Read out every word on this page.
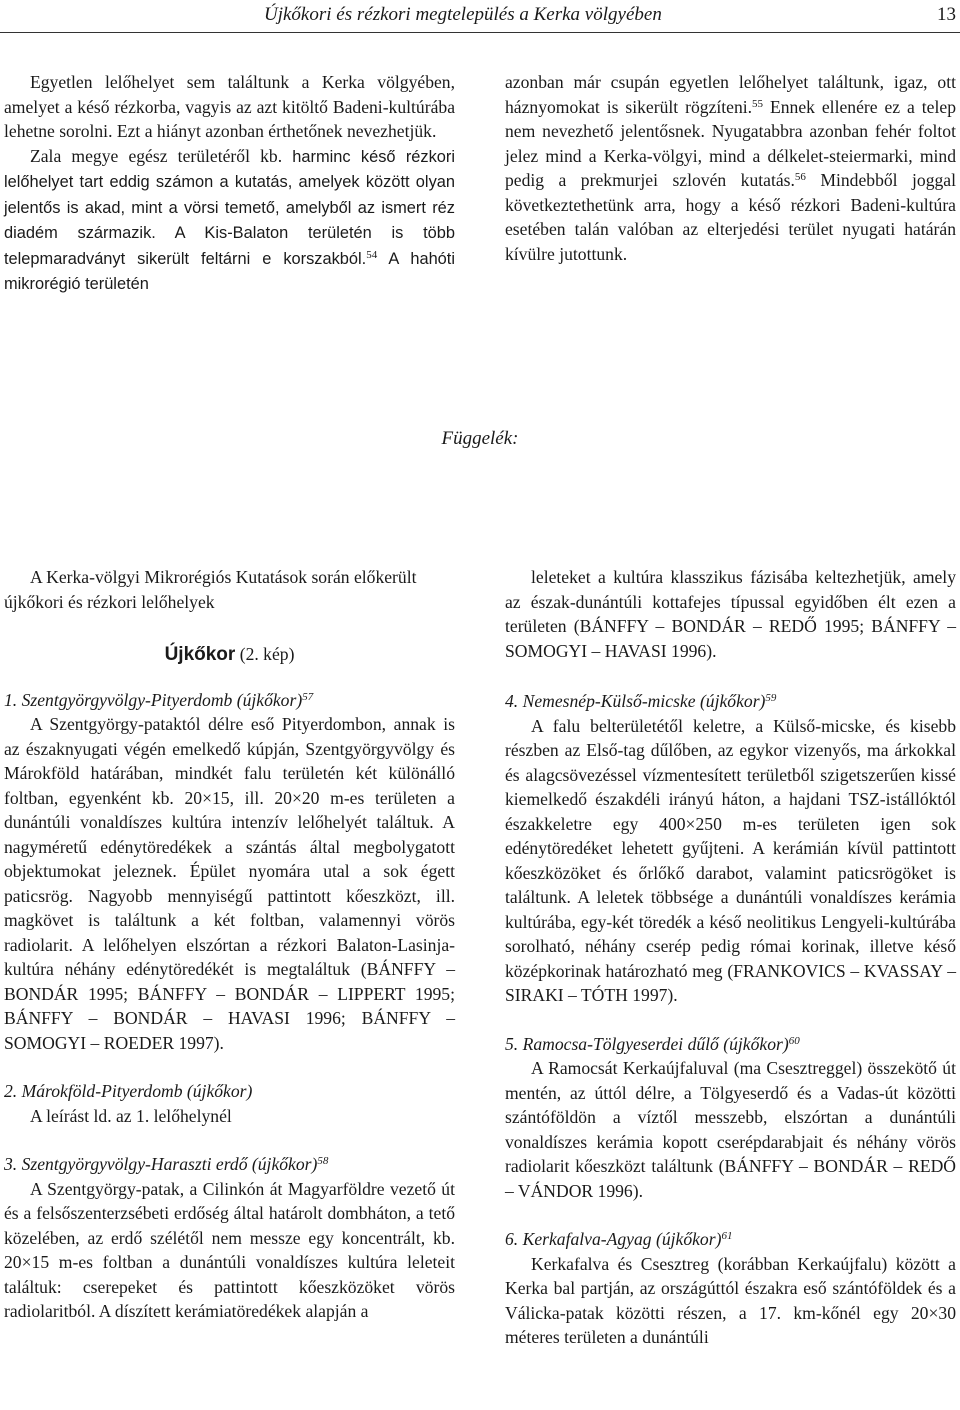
Újkőkori és rézkori megtelepülés a Kerka völgyében	13

Egyetlen lelőhelyet sem találtunk a Kerka völgyében, amelyet a késő rézkorba, vagyis az azt kitöltő Badeni-kultúrába lehetne sorolni. Ezt a hiányt azonban érthetőnek nevezhetjük.

Zala megye egész területéről kb. harminc késő rézkori lelőhelyet tart eddig számon a kutatás, amelyek között olyan jelentős is akad, mint a vörsi temető, amelyből az ismert réz diadém származik. A Kis-Balaton területén is több telepmaradványt sikerült feltárni e korszakból.$^{54}$ A hahóti mikrorégió területén

azonban már csupán egyetlen lelőhelyet találtunk, igaz, ott háznyomokat is sikerült rögzíteni.$^{55}$ Ennek ellenére ez a telep nem nevezhető jelentősnek. Nyugatabbra azonban fehér foltot jelez mind a Kerka-völgyi, mind a délkelet-steiermarki, mind pedig a prekmurjei szlovén kutatás.$^{56}$ Mindebből joggal következtethetünk arra, hogy a késő rézkori Badeni-kultúra esetében talán valóban az elterjedési terület nyugati határán kívülre jutottunk.

Függelék:

A Kerka-völgyi Mikrorégiós Kutatások során előkerült újkőkori és rézkori lelőhelyek

Újkőkor (2. kép)

1. Szentgyörgyvölgy-Pityerdomb (újkőkor)$^{57}$

A Szentgyörgy-pataktól délre eső Pityerdombon, annak is az északnyugati végén emelkedő kúpján, Szentgyörgyvölgy és Márokföld határában, mindkét falu területén két különálló foltban, egyenként kb. 20×15, ill. 20×20 m-es területen a dunántúli vonaldíszes kultúra intenzív lelőhelyét találtuk. A nagyméretű edénytöredékek a szántás által megbolygatott objektumokat jeleznek. Épület nyomára utal a sok égett paticsrög. Nagyobb mennyiségű pattintott kőeszközt, ill. magkövet is találtunk a két foltban, valamennyi vörös radiolarit. A lelőhelyen elszórtan a rézkori Balaton-Lasinja-kultúra néhány edénytöredékét is megtaláltuk (BÁNFFY – BONDÁR 1995; BÁNFFY – BONDÁR – LIPPERT 1995; BÁNFFY – BONDÁR – HAVASI 1996; BÁNFFY – SOMOGYI – ROEDER 1997).

2. Márokföld-Pityerdomb (újkőkor)

A leírást ld. az 1. lelőhelynél

3. Szentgyörgyvölgy-Haraszti erdő (újkőkor)$^{58}$

A Szentgyörgy-patak, a Cilinkón át Magyarföldre vezető út és a felsőszenterzsébeti erdőség által határolt dombháton, a tető közelében, az erdő szélétől nem messze egy koncentrált, kb. 20×15 m-es foltban a dunántúli vonaldíszes kultúra leleteit találtuk: cserepeket és pattintott kőeszközöket vörös radiolaritból. A díszített kerámiatöredékek alapján a

leleteket a kultúra klasszikus fázisába keltezhetjük, amely az észak-dunántúli kottafejes típussal egyidőben élt ezen a területen (BÁNFFY – BONDÁR – REDŐ 1995; BÁNFFY – SOMOGYI – HAVASI 1996).

4. Nemesnép-Külső-micske (újkőkor)$^{59}$

A falu belterületétől keletre, a Külső-micske, és kisebb részben az Első-tag dűlőben, az egykor vizenyős, ma árkokkal és alagcsövezéssel vízmentesített területből szigetszerűen kissé kiemelkedő északdéli irányú háton, a hajdani TSZ-istállóktól északkeletre egy 400×250 m-es területen igen sok edénytöredéket lehetett gyűjteni. A kerámián kívül pattintott kőeszközöket és őrlőkő darabot, valamint paticsrögöket is találtunk. A leletek többsége a dunántúli vonaldíszes kerámia kultúrába, egy-két töredék a késő neolitikus Lengyeli-kultúrába sorolható, néhány cserép pedig római korinak, illetve késő középkorinak határozható meg (FRANKOVICS – KVASSAY – SIRAKI – TÓTH 1997).

5. Ramocsa-Tölgyeserdei dűlő (újkőkor)$^{60}$

A Ramocsát Kerkaújfaluval (ma Csesztreggel) összekötő út mentén, az úttól délre, a Tölgyeserdő és a Vadas-út közötti szántóföldön a víztől messzebb, elszórtan a dunántúli vonaldíszes kerámia kopott cserépdarabjait és néhány vörös radiolarit kőeszközt találtunk (BÁNFFY – BONDÁR – REDŐ – VÁNDOR 1996).

6. Kerkafalva-Agyag (újkőkor)$^{61}$

Kerkafalva és Csesztreg (korábban Kerkaújfalu) között a Kerka bal partján, az országúttól északra eső szántóföldek és a Válicka-patak közötti részen, a 17. km-kőnél egy 20×30 méteres területen a dunántúli
